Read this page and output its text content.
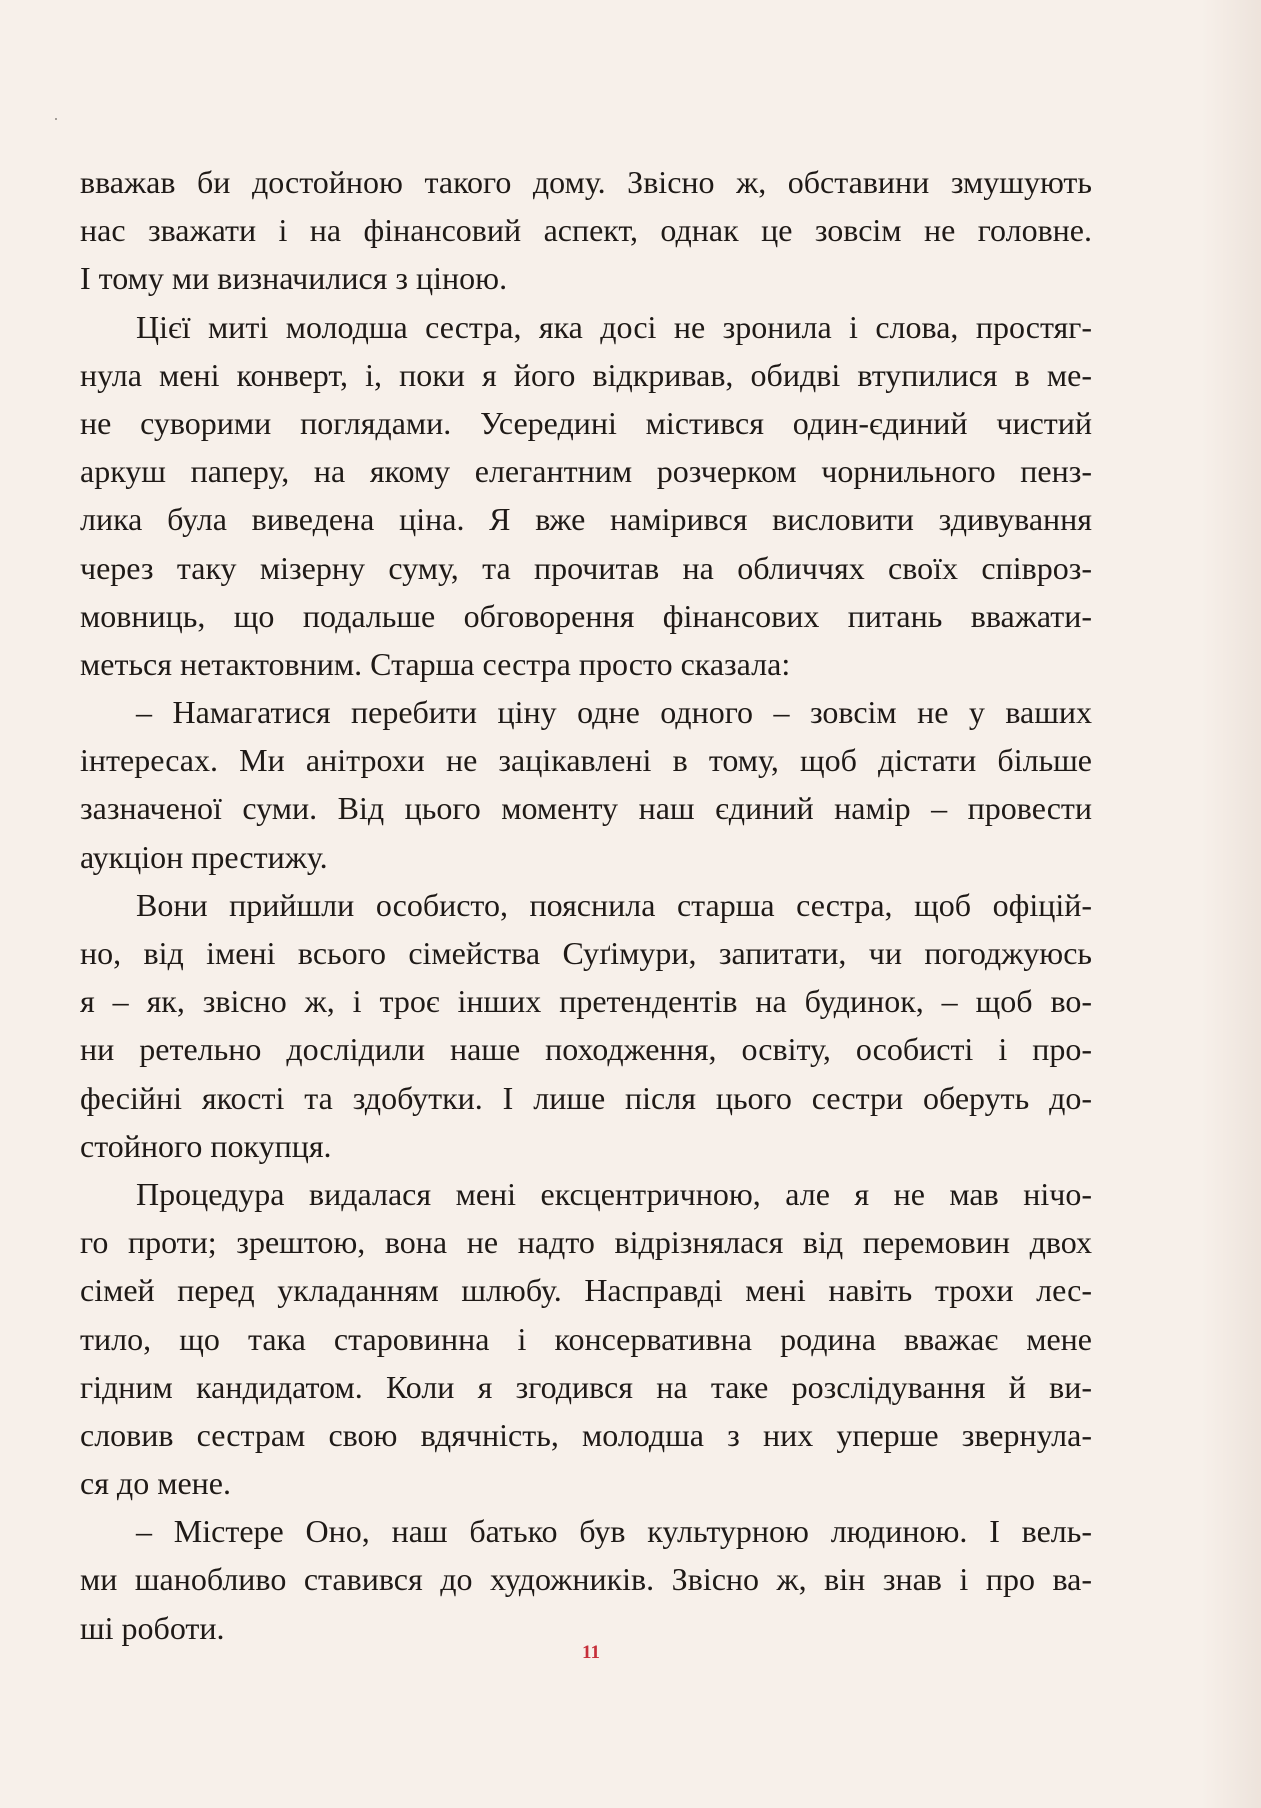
вважав би достойною такого дому. Звісно ж, обставини змушують
нас зважати і на фінансовий аспект, однак це зовсім не головне.
І тому ми визначилися з ціною.
Цієї миті молодша сестра, яка досі не зронила і слова, простяг-
нула мені конверт, і, поки я його відкривав, обидві втупилися в ме-
не суворими поглядами. Усередині містився один-єдиний чистий
аркуш паперу, на якому елегантним розчерком чорнильного пенз-
лика була виведена ціна. Я вже намірився висловити здивування
через таку мізерну суму, та прочитав на обличчях своїх співроз-
мовниць, що подальше обговорення фінансових питань вважати-
меться нетактовним. Старша сестра просто сказала:
– Намагатися перебити ціну одне одного – зовсім не у ваших
інтересах. Ми анітрохи не зацікавлені в тому, щоб дістати більше
зазначеної суми. Від цього моменту наш єдиний намір – провести
аукціон престижу.
Вони прийшли особисто, пояснила старша сестра, щоб офіцій-
но, від імені всього сімейства Суґімури, запитати, чи погоджуюсь
я – як, звісно ж, і троє інших претендентів на будинок, – щоб во-
ни ретельно дослідили наше походження, освіту, особисті і про-
фесійні якості та здобутки. І лише після цього сестри оберуть до-
стойного покупця.
Процедура видалася мені ексцентричною, але я не мав нічо-
го проти; зрештою, вона не надто відрізнялася від перемовин двох
сімей перед укладанням шлюбу. Насправді мені навіть трохи лес-
тило, що така старовинна і консервативна родина вважає мене
гідним кандидатом. Коли я згодився на таке розслідування й ви-
словив сестрам свою вдячність, молодша з них уперше звернула-
ся до мене.
– Містере Оно, наш батько був культурною людиною. І вель-
ми шанобливо ставився до художників. Звісно ж, він знав і про ва-
ші роботи.
11
